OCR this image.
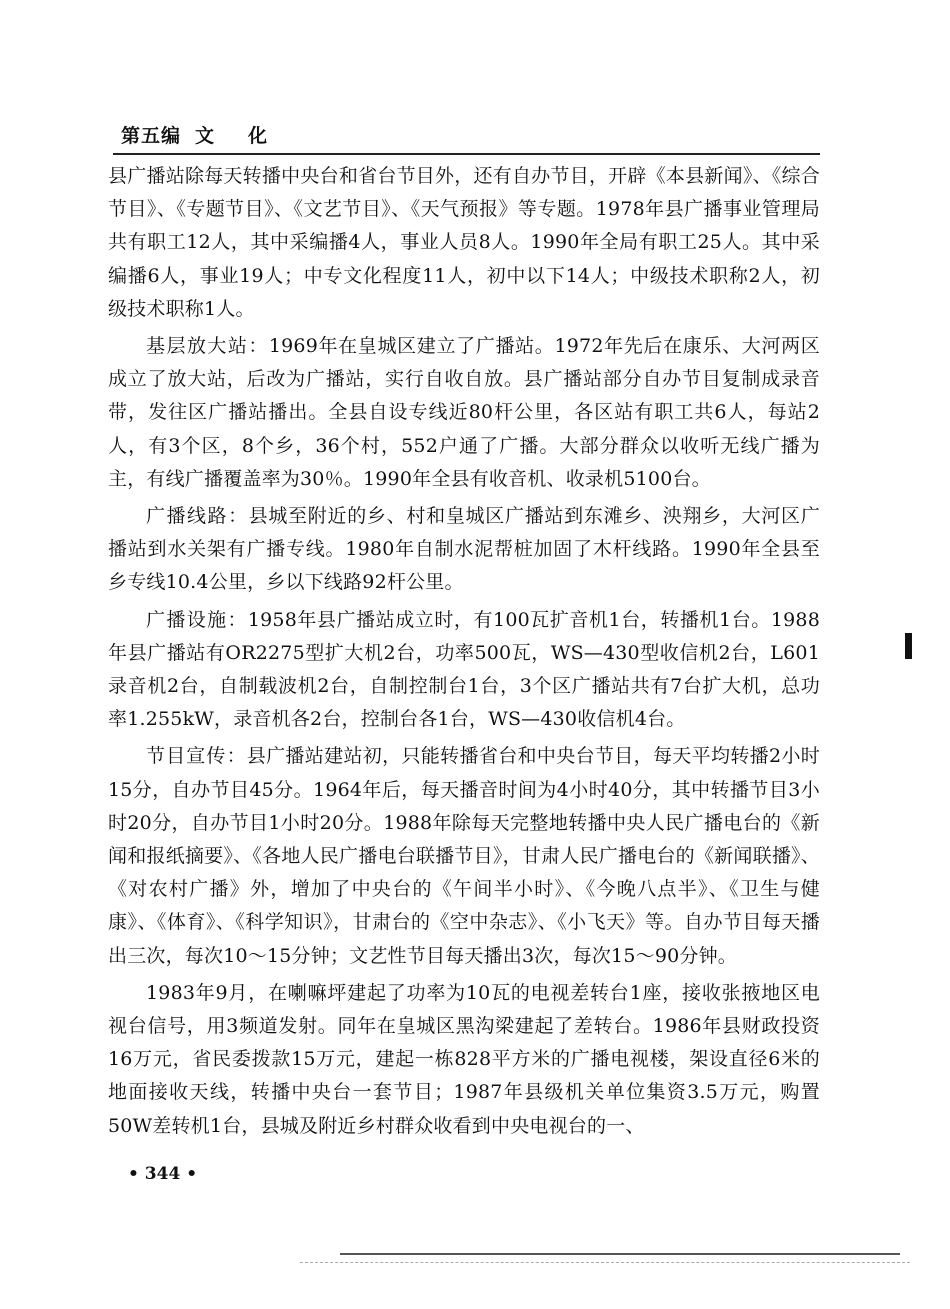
第五编 文化

县广播站除每天转播中央台和省台节目外，还有自办节目，开辟《本县新闻》、《综合节目》、《专题节目》、《文艺节目》、《天气预报》等专题。1978年县广播事业管理局共有职工12人，其中采编播4人，事业人员8人。1990年全局有职工25人。其中采编播6人，事业19人；中专文化程度11人，初中以下14人；中级技术职称2人，初级技术职称1人。

基层放大站：1969年在皇城区建立了广播站。1972年先后在康乐、大河两区成立了放大站，后改为广播站，实行自收自放。县广播站部分自办节目复制成录音带，发往区广播站播出。全县自设专线近80杆公里，各区站有职工共6人，每站2人，有3个区，8个乡，36个村，552户通了广播。大部分群众以收听无线广播为主，有线广播覆盖率为30％。1990年全县有收音机、收录机5100台。

广播线路：县城至附近的乡、村和皇城区广播站到东滩乡、泱翔乡，大河区广播站到水关架有广播专线。1980年自制水泥帮桩加固了木杆线路。1990年全县至乡专线10.4公里，乡以下线路92杆公里。

广播设施：1958年县广播站成立时，有100瓦扩音机1台，转播机1台。1988年县广播站有OR2275型扩大机2台，功率500瓦，WS—430型收信机2台，L601录音机2台，自制载波机2台，自制控制台1台，3个区广播站共有7台扩大机，总功率1.255kW，录音机各2台，控制台各1台，WS—430收信机4台。

节目宣传：县广播站建站初，只能转播省台和中央台节目，每天平均转播2小时15分，自办节目45分。1964年后，每天播音时间为4小时40分，其中转播节目3小时20分，自办节目1小时20分。1988年除每天完整地转播中央人民广播电台的《新闻和报纸摘要》、《各地人民广播电台联播节目》，甘肃人民广播电台的《新闻联播》、《对农村广播》外，增加了中央台的《午间半小时》、《今晚八点半》、《卫生与健康》、《体育》、《科学知识》，甘肃台的《空中杂志》、《小飞天》等。自办节目每天播出三次，每次10～15分钟；文艺性节目每天播出3次，每次15～90分钟。

1983年9月，在喇嘛坪建起了功率为10瓦的电视差转台1座，接收张掖地区电视台信号，用3频道发射。同年在皇城区黑沟梁建起了差转台。1986年县财政投资16万元，省民委拨款15万元，建起一栋828平方米的广播电视楼，架设直径6米的地面接收天线，转播中央台一套节目；1987年县级机关单位集资3.5万元，购置50W差转机1台，县城及附近乡村群众收看到中央电视台的一、

• 344 •
